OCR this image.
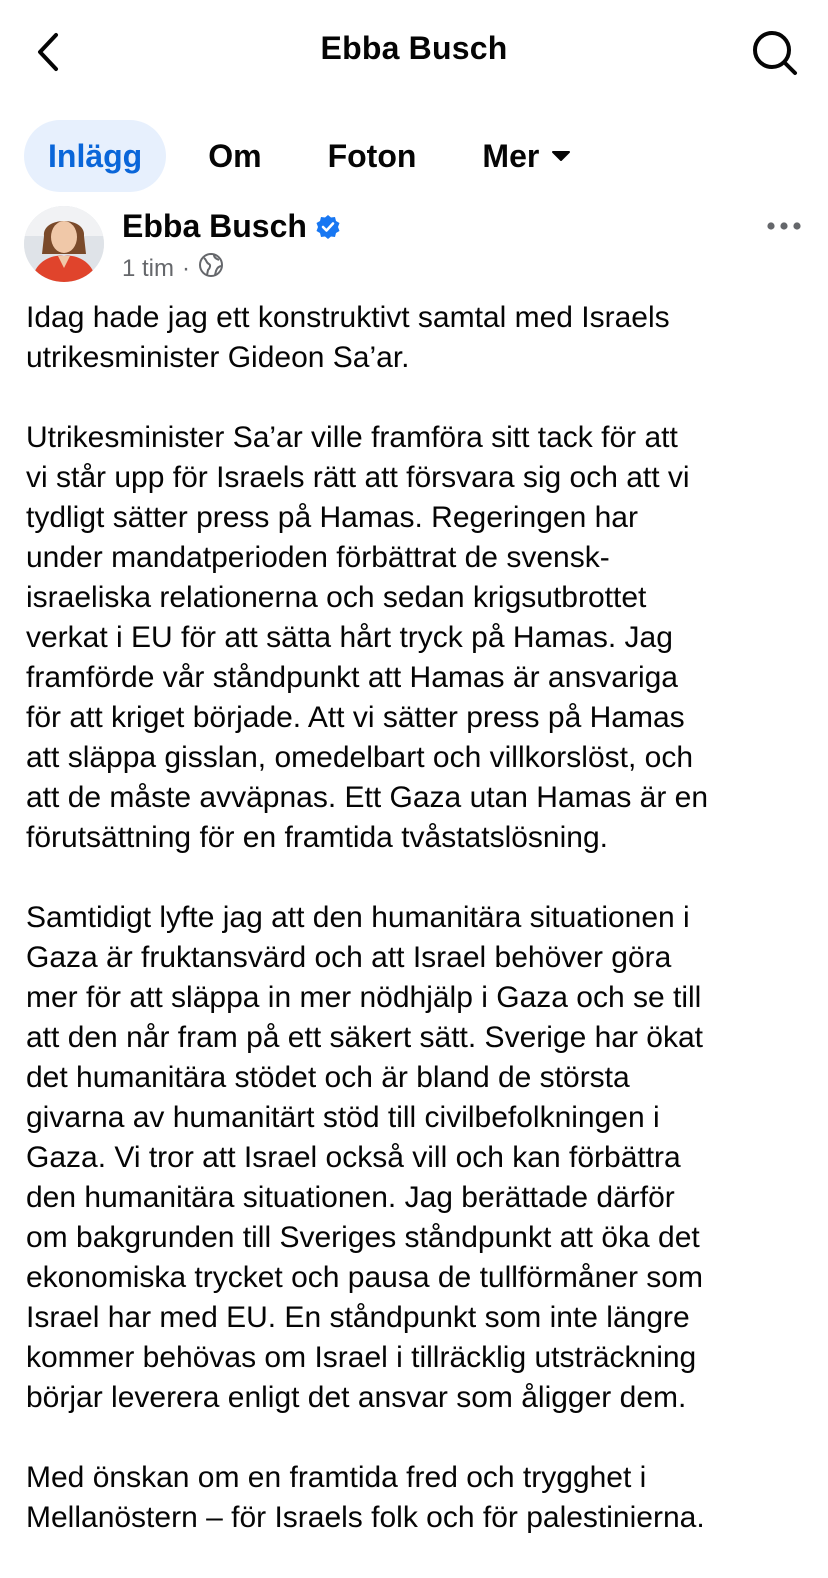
Ebba Busch
Inlägg Om Foton Mer
Ebba Busch
1 tim ·

Idag hade jag ett konstruktivt samtal med Israels
utrikesminister Gideon Sa’ar.

Utrikesminister Sa’ar ville framföra sitt tack för att
vi står upp för Israels rätt att försvara sig och att vi
tydligt sätter press på Hamas. Regeringen har
under mandatperioden förbättrat de svensk-
israeliska relationerna och sedan krigsutbrottet
verkat i EU för att sätta hårt tryck på Hamas. Jag
framförde vår ståndpunkt att Hamas är ansvariga
för att kriget började. Att vi sätter press på Hamas
att släppa gisslan, omedelbart och villkorslöst, och
att de måste avväpnas. Ett Gaza utan Hamas är en
förutsättning för en framtida tvåstatslösning.

Samtidigt lyfte jag att den humanitära situationen i
Gaza är fruktansvärd och att Israel behöver göra
mer för att släppa in mer nödhjälp i Gaza och se till
att den når fram på ett säkert sätt. Sverige har ökat
det humanitära stödet och är bland de största
givarna av humanitärt stöd till civilbefolkningen i
Gaza. Vi tror att Israel också vill och kan förbättra
den humanitära situationen. Jag berättade därför
om bakgrunden till Sveriges ståndpunkt att öka det
ekonomiska trycket och pausa de tullförmåner som
Israel har med EU. En ståndpunkt som inte längre
kommer behövas om Israel i tillräcklig utsträckning
börjar leverera enligt det ansvar som åligger dem.

Med önskan om en framtida fred och trygghet i
Mellanöstern – för Israels folk och för palestinierna.
